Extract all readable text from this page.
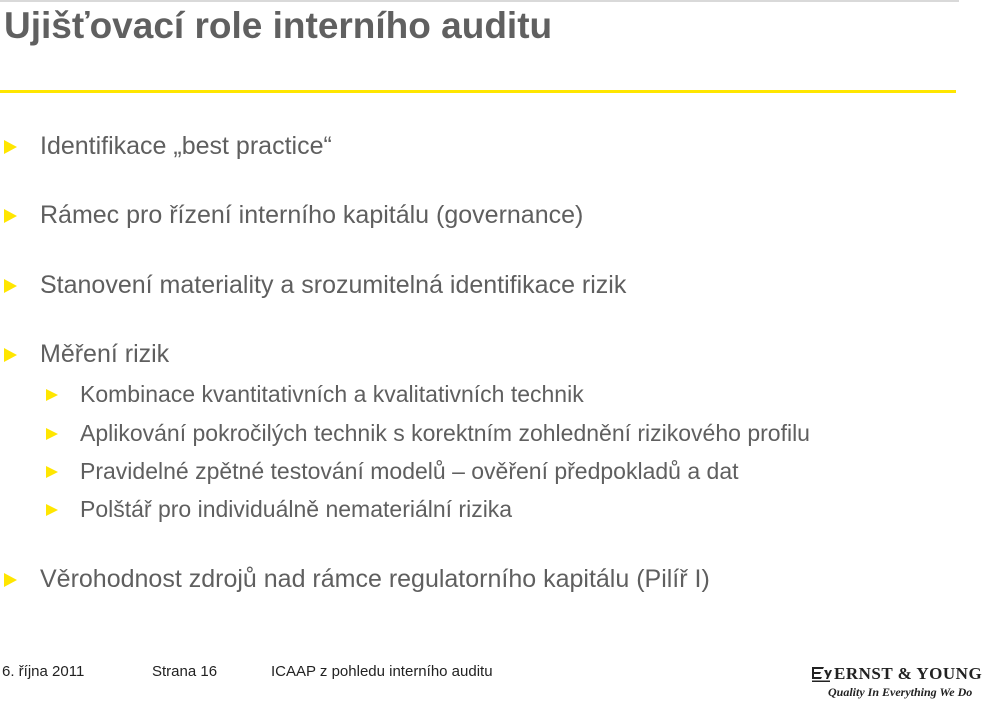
Ujišťovací role interního auditu
Identifikace „best practice“
Rámec pro řízení interního kapitálu (governance)
Stanovení materiality a srozumitelná identifikace rizik
Měření rizik
Kombinace kvantitativních a kvalitativních technik
Aplikování pokročilých technik s korektním zohlednění rizikového profilu
Pravidelné zpětné testování modelů – ověření předpokladů a dat
Polštář pro individuálně nemateriální rizika
Věrohodnost zdrojů nad rámce regulatorního kapitálu (Pilíř I)
6. října 2011	Strana 16	ICAAP z pohledu interního auditu	ERNST & YOUNG
Quality In Everything We Do
